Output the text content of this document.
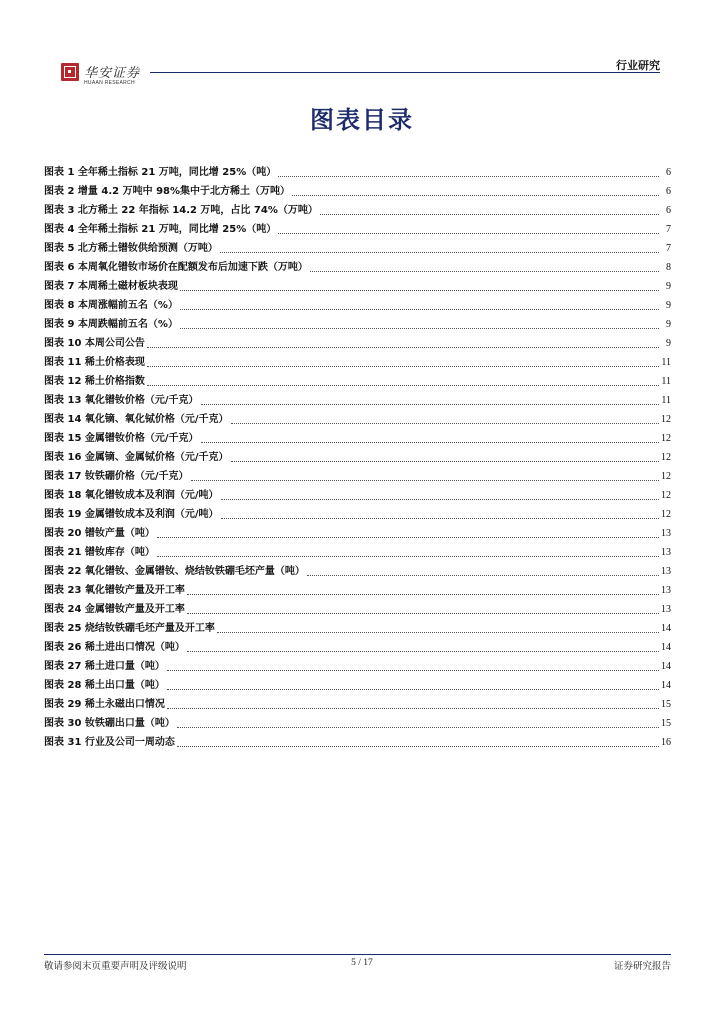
华安证券
HUAAN RESEARCH
行业研究
图表目录
图表 1 全年稀土指标 21 万吨，同比增 25%（吨）	6
图表 2 增量 4.2 万吨中 98%集中于北方稀土（万吨）	6
图表 3 北方稀土 22 年指标 14.2 万吨，占比 74%（万吨）	6
图表 4 全年稀土指标 21 万吨，同比增 25%（吨）	7
图表 5 北方稀土镨钕供给预测（万吨）	7
图表 6 本周氧化镨钕市场价在配额发布后加速下跌（万吨）	8
图表 7 本周稀土磁材板块表现	9
图表 8 本周涨幅前五名（%）	9
图表 9 本周跌幅前五名（%）	9
图表 10 本周公司公告	9
图表 11 稀土价格表现	11
图表 12 稀土价格指数	11
图表 13 氧化镨钕价格（元/千克）	11
图表 14 氧化镝、氧化铽价格（元/千克）	12
图表 15 金属镨钕价格（元/千克）	12
图表 16 金属镝、金属铽价格（元/千克）	12
图表 17 钕铁硼价格（元/千克）	12
图表 18 氧化镨钕成本及利润（元/吨）	12
图表 19 金属镨钕成本及利润（元/吨）	12
图表 20 镨钕产量（吨）	13
图表 21 镨钕库存（吨）	13
图表 22 氧化镨钕、金属镨钕、烧结钕铁硼毛坯产量（吨）	13
图表 23 氧化镨钕产量及开工率	13
图表 24 金属镨钕产量及开工率	13
图表 25 烧结钕铁硼毛坯产量及开工率	14
图表 26 稀土进出口情况（吨）	14
图表 27 稀土进口量（吨）	14
图表 28 稀土出口量（吨）	14
图表 29 稀土永磁出口情况	15
图表 30 钕铁硼出口量（吨）	15
图表 31 行业及公司一周动态	16
敬请参阅末页重要声明及评级说明	5 / 17	证券研究报告
